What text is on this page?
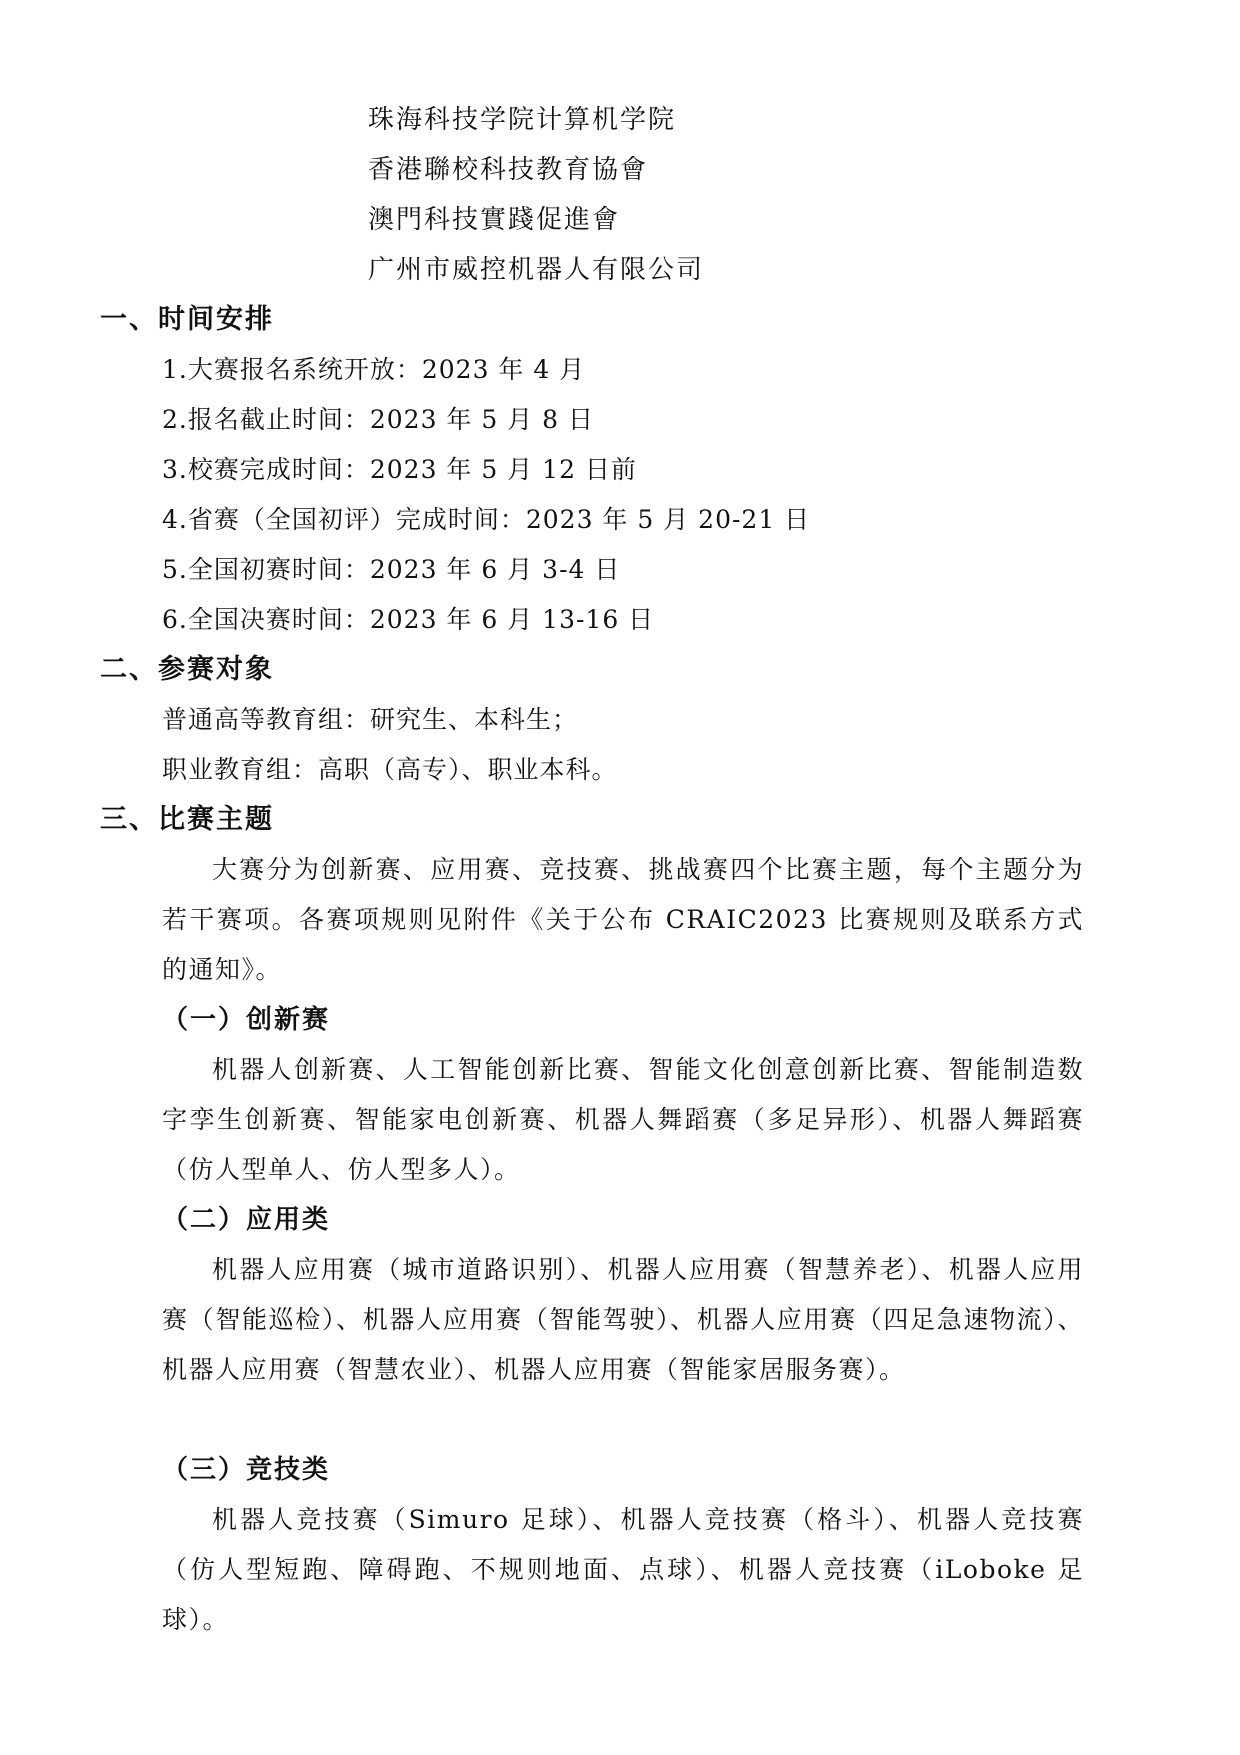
珠海科技学院计算机学院
香港聯校科技教育協會
澳門科技實踐促進會
广州市威控机器人有限公司
一、时间安排
1.大赛报名系统开放：2023 年 4 月
2.报名截止时间：2023 年 5 月 8 日
3.校赛完成时间：2023 年 5 月 12 日前
4.省赛（全国初评）完成时间：2023 年 5 月 20-21 日
5.全国初赛时间：2023 年 6 月 3-4 日
6.全国决赛时间：2023 年 6 月 13-16 日
二、参赛对象
普通高等教育组：研究生、本科生；
职业教育组：高职（高专）、职业本科。
三、比赛主题
大赛分为创新赛、应用赛、竞技赛、挑战赛四个比赛主题，每个主题分为若干赛项。各赛项规则见附件《关于公布 CRAIC2023 比赛规则及联系方式的通知》。
（一）创新赛
机器人创新赛、人工智能创新比赛、智能文化创意创新比赛、智能制造数字孪生创新赛、智能家电创新赛、机器人舞蹈赛（多足异形）、机器人舞蹈赛（仿人型单人、仿人型多人）。
（二）应用类
机器人应用赛（城市道路识别）、机器人应用赛（智慧养老）、机器人应用赛（智能巡检）、机器人应用赛（智能驾驶）、机器人应用赛（四足急速物流）、机器人应用赛（智慧农业）、机器人应用赛（智能家居服务赛）。
（三）竞技类
机器人竞技赛（Simuro 足球）、机器人竞技赛（格斗）、机器人竞技赛（仿人型短跑、障碍跑、不规则地面、点球）、机器人竞技赛（iLoboke 足球）。
